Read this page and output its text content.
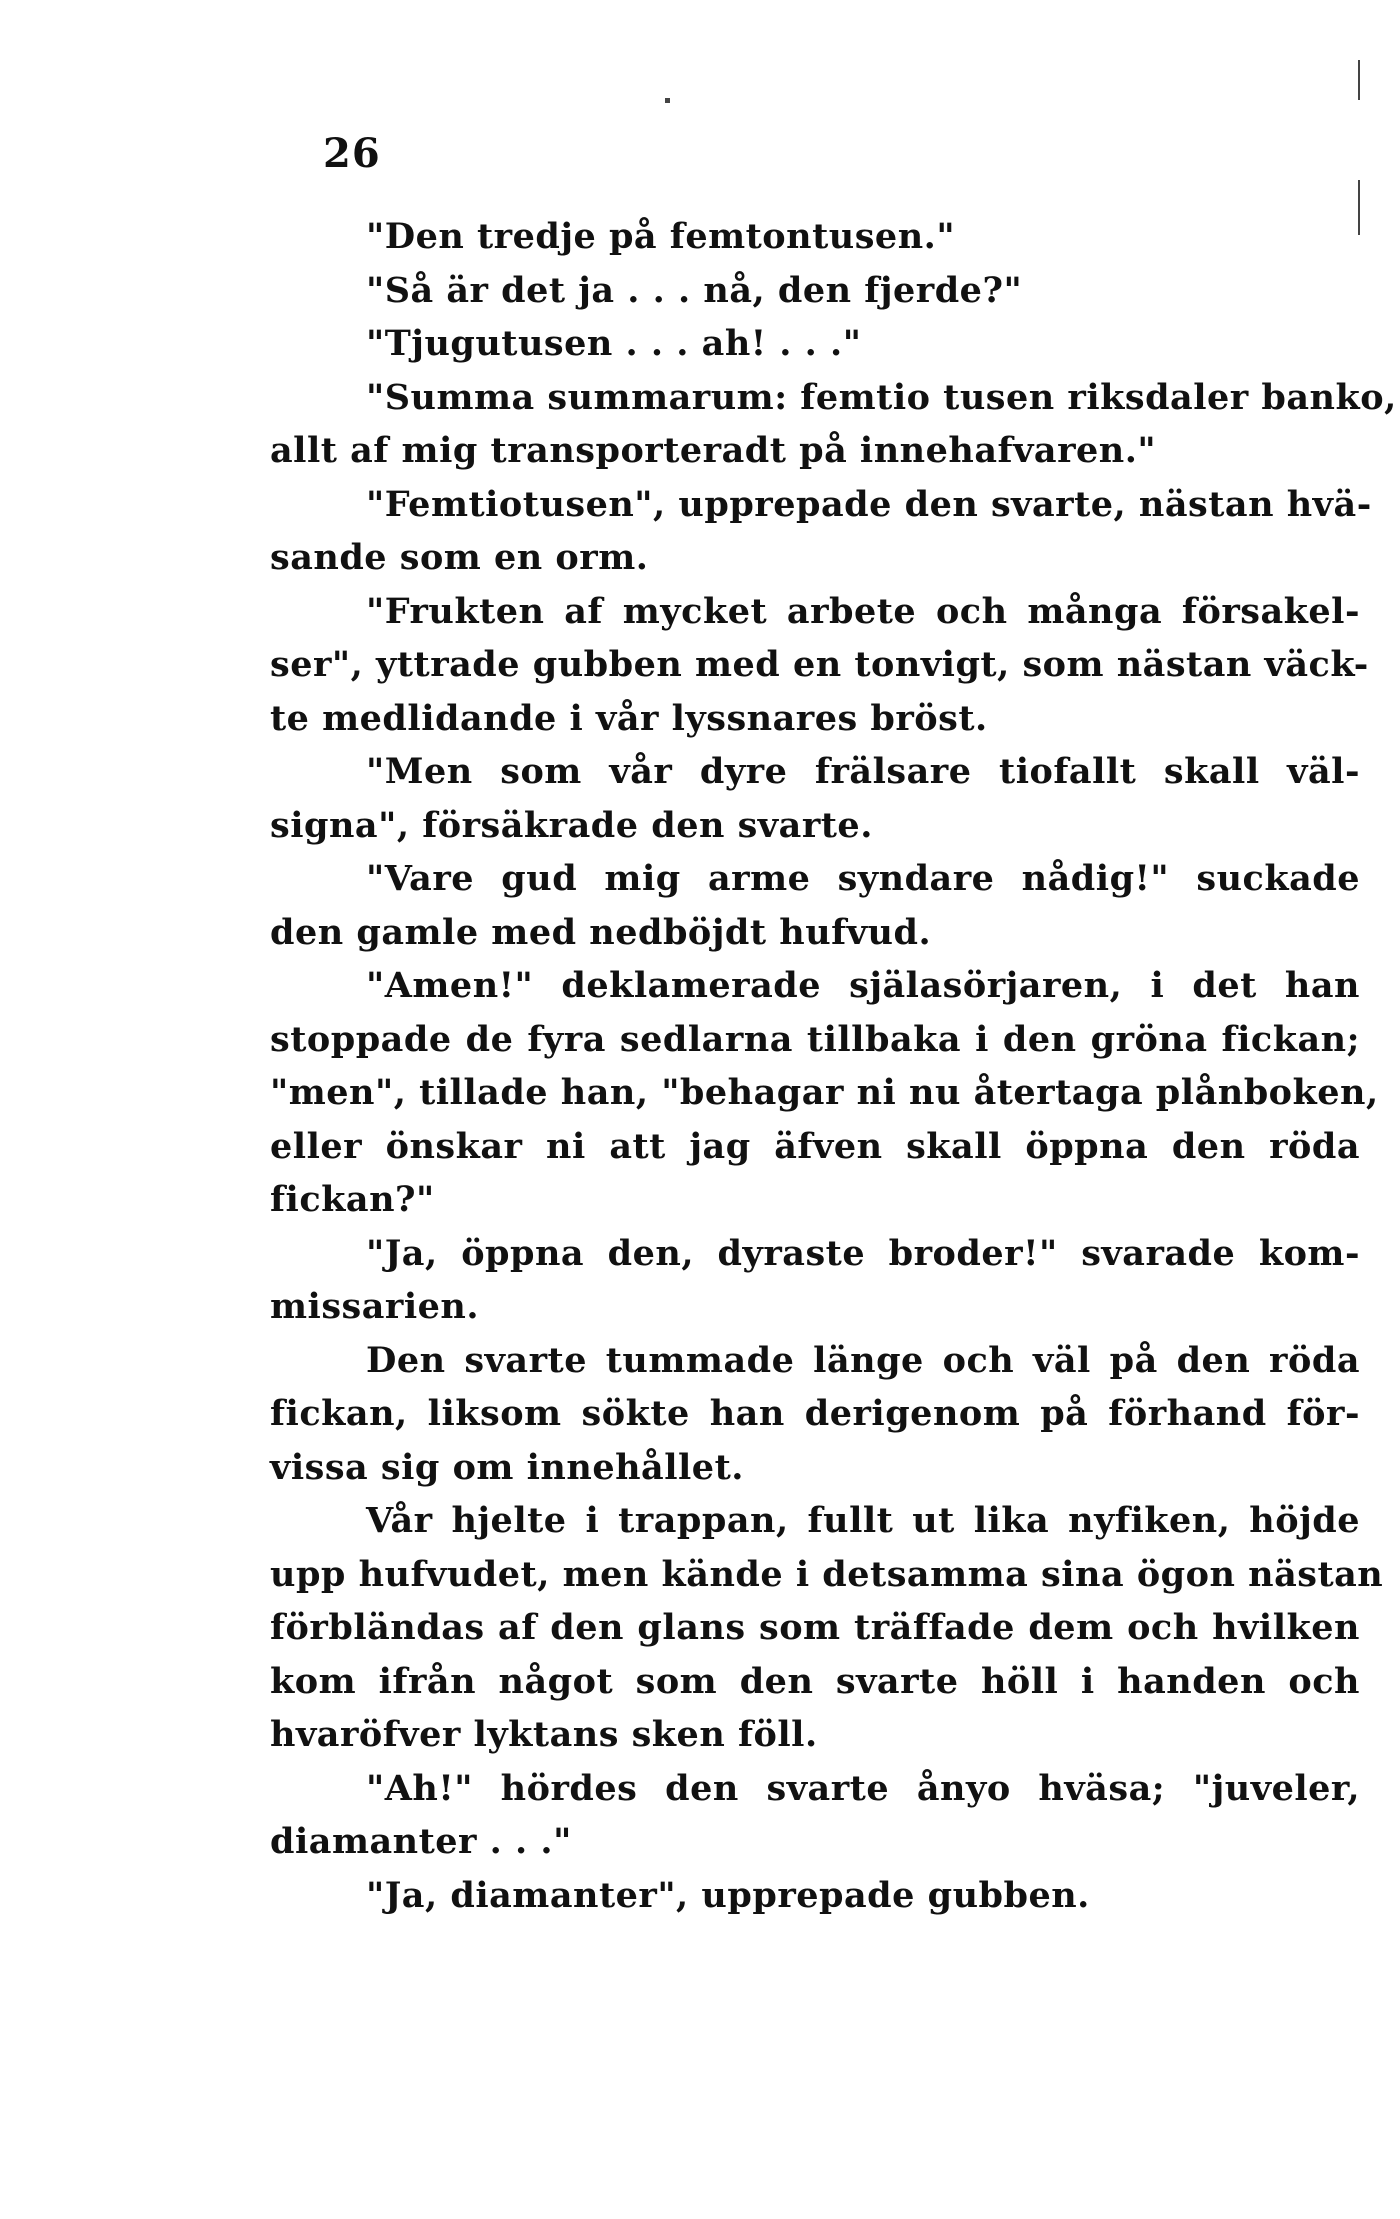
26
"Den tredje på femtontusen."
"Så är det ja . . . nå, den fjerde?"
"Tjugutusen . . . ah! . . ."
"Summa summarum: femtio tusen riksdaler banko,
allt af mig transporteradt på innehafvaren."
"Femtiotusen", upprepade den svarte, nästan hvä-
sande som en orm.
"Frukten af mycket arbete och många försakel-
ser", yttrade gubben med en tonvigt, som nästan väck-
te medlidande i vår lyssnares bröst.
"Men som vår dyre frälsare tiofallt skall väl-
signa", försäkrade den svarte.
"Vare gud mig arme syndare nådig!" suckade
den gamle med nedböjdt hufvud.
"Amen!" deklamerade själasörjaren, i det han
stoppade de fyra sedlarna tillbaka i den gröna fickan;
"men", tillade han, "behagar ni nu återtaga plånboken,
eller önskar ni att jag äfven skall öppna den röda
fickan?"
"Ja, öppna den, dyraste broder!" svarade kom-
missarien.
Den svarte tummade länge och väl på den röda
fickan, liksom sökte han derigenom på förhand för-
vissa sig om innehållet.
Vår hjelte i trappan, fullt ut lika nyfiken, höjde
upp hufvudet, men kände i detsamma sina ögon nästan
förbländas af den glans som träffade dem och hvilken
kom ifrån något som den svarte höll i handen och
hvaröfver lyktans sken föll.
"Ah!" hördes den svarte ånyo hväsa; "juveler,
diamanter . . ."
"Ja, diamanter", upprepade gubben.
